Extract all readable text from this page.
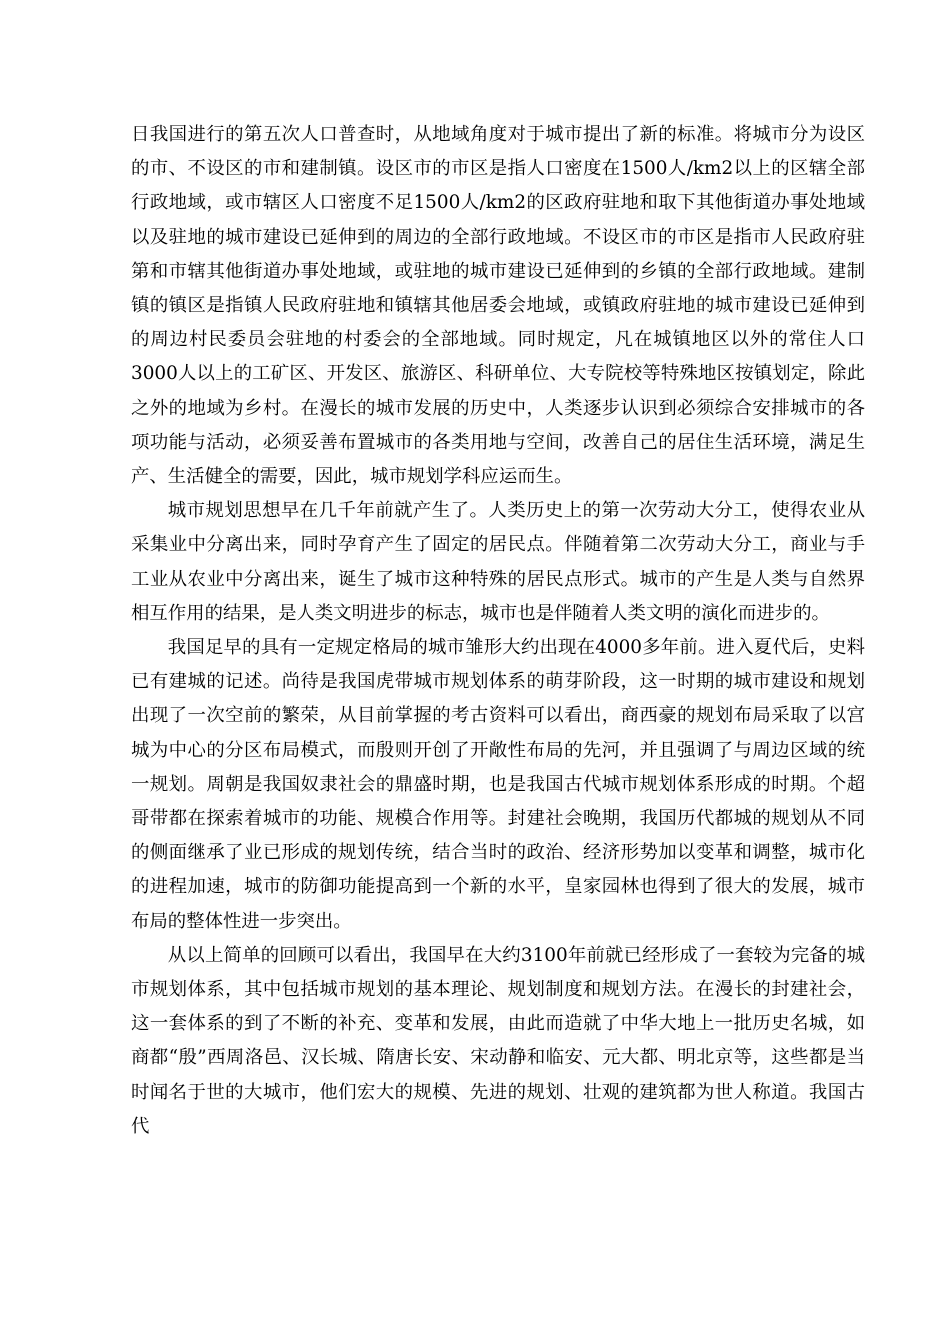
日我国进行的第五次人口普查时，从地域角度对于城市提出了新的标准。将城市分为设区的市、不设区的市和建制镇。设区市的市区是指人口密度在1500人/km2以上的区辖全部行政地域，或市辖区人口密度不足1500人/km2的区政府驻地和取下其他街道办事处地域以及驻地的城市建设已延伸到的周边的全部行政地域。不设区市的市区是指市人民政府驻第和市辖其他街道办事处地域，或驻地的城市建设已延伸到的乡镇的全部行政地域。建制镇的镇区是指镇人民政府驻地和镇辖其他居委会地域，或镇政府驻地的城市建设已延伸到的周边村民委员会驻地的村委会的全部地域。同时规定，凡在城镇地区以外的常住人口3000人以上的工矿区、开发区、旅游区、科研单位、大专院校等特殊地区按镇划定，除此之外的地域为乡村。在漫长的城市发展的历史中，人类逐步认识到必须综合安排城市的各项功能与活动，必须妥善布置城市的各类用地与空间，改善自己的居住生活环境，满足生产、生活健全的需要，因此，城市规划学科应运而生。

城市规划思想早在几千年前就产生了。人类历史上的第一次劳动大分工，使得农业从采集业中分离出来，同时孕育产生了固定的居民点。伴随着第二次劳动大分工，商业与手工业从农业中分离出来，诞生了城市这种特殊的居民点形式。城市的产生是人类与自然界相互作用的结果，是人类文明进步的标志，城市也是伴随着人类文明的演化而进步的。

我国足早的具有一定规定格局的城市雏形大约出现在4000多年前。进入夏代后，史料已有建城的记述。尚待是我国虎带城市规划体系的萌芽阶段，这一时期的城市建设和规划出现了一次空前的繁荣，从目前掌握的考古资料可以看出，商西豪的规划布局采取了以宫城为中心的分区布局模式，而殷则开创了开敞性布局的先河，并且强调了与周边区域的统一规划。周朝是我国奴隶社会的鼎盛时期，也是我国古代城市规划体系形成的时期。个超哥带都在探索着城市的功能、规模合作用等。封建社会晚期，我国历代都城的规划从不同的侧面继承了业已形成的规划传统，结合当时的政治、经济形势加以变革和调整，城市化的进程加速，城市的防御功能提高到一个新的水平，皇家园林也得到了很大的发展，城市布局的整体性进一步突出。

从以上简单的回顾可以看出，我国早在大约3100年前就已经形成了一套较为完备的城市规划体系，其中包括城市规划的基本理论、规划制度和规划方法。在漫长的封建社会，这一套体系的到了不断的补充、变革和发展，由此而造就了中华大地上一批历史名城，如商都“殷”西周洛邑、汉长城、隋唐长安、宋动静和临安、元大都、明北京等，这些都是当时闻名于世的大城市，他们宏大的规模、先进的规划、壮观的建筑都为世人称道。我国古代
